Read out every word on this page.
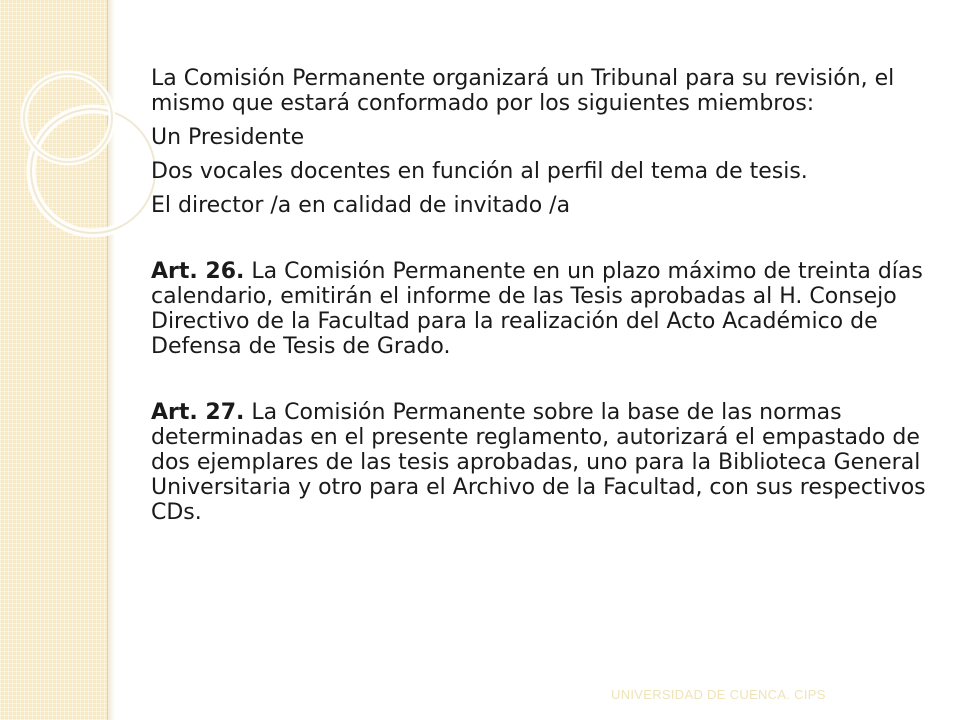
La Comisión Permanente organizará un Tribunal para su revisión, el mismo que estará conformado por los siguientes miembros:

Un Presidente

Dos vocales docentes en función al perfil del tema de tesis.

El director /a en calidad de invitado /a

Art. 26. La Comisión Permanente en un plazo máximo de treinta días calendario, emitirán el informe de las Tesis aprobadas al H. Consejo Directivo de la Facultad para la realización del Acto Académico de Defensa de Tesis de Grado.

Art. 27. La Comisión Permanente sobre la base de las normas determinadas en el presente reglamento, autorizará el empastado de dos ejemplares de las tesis aprobadas, uno para la Biblioteca General Universitaria y otro para el Archivo de la Facultad, con sus respectivos CDs.

UNIVERSIDAD DE CUENCA. CIPS
